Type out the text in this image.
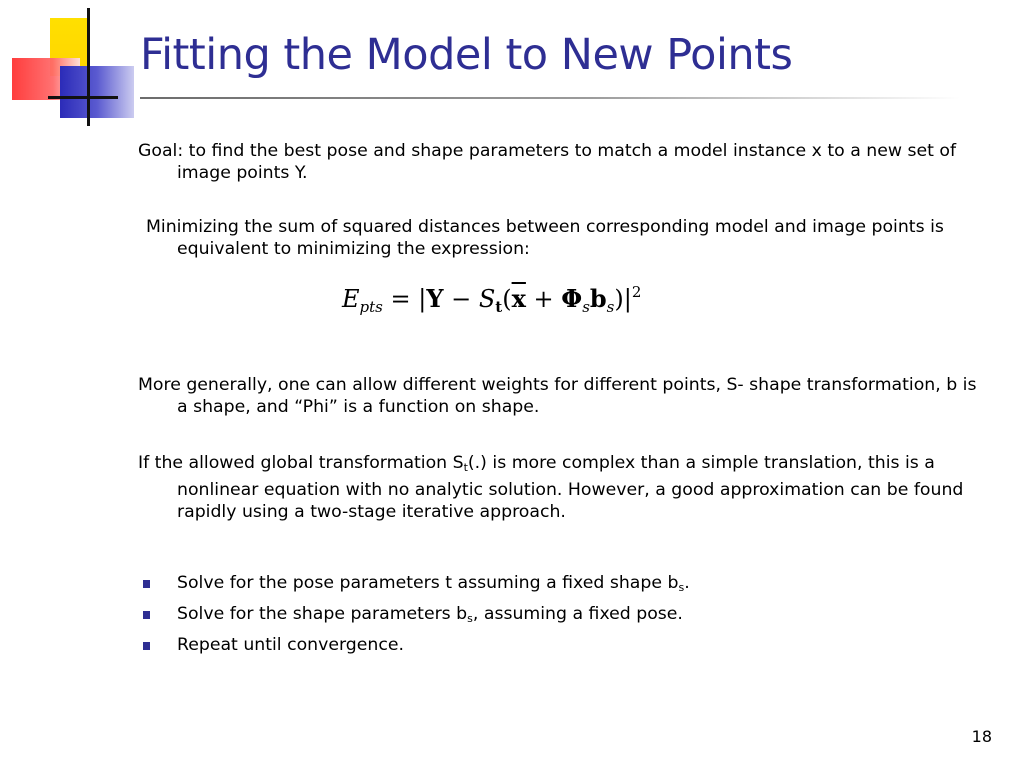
Fitting the Model to New Points

Goal: to find the best pose and shape parameters to match a model instance x to a new set of image points Y.

Minimizing the sum of squared distances between corresponding model and image points is equivalent to minimizing the expression:

More generally, one can allow different weights for different points, S- shape transformation, b is a shape, and “Phi” is a function on shape.

If the allowed global transformation $S_t(.)$ is more complex than a simple translation, this is a nonlinear equation with no analytic solution. However, a good approximation can be found rapidly using a two-stage iterative approach.

$E_{pts} = |Y - S_t(\overline{x} + \Phi_sb_s)|^2$
Solve for the pose parameters t assuming a fixed shape $b_s$.
Solve for the shape parameters $b_s$, assuming a fixed pose.
Repeat until convergence.
18
